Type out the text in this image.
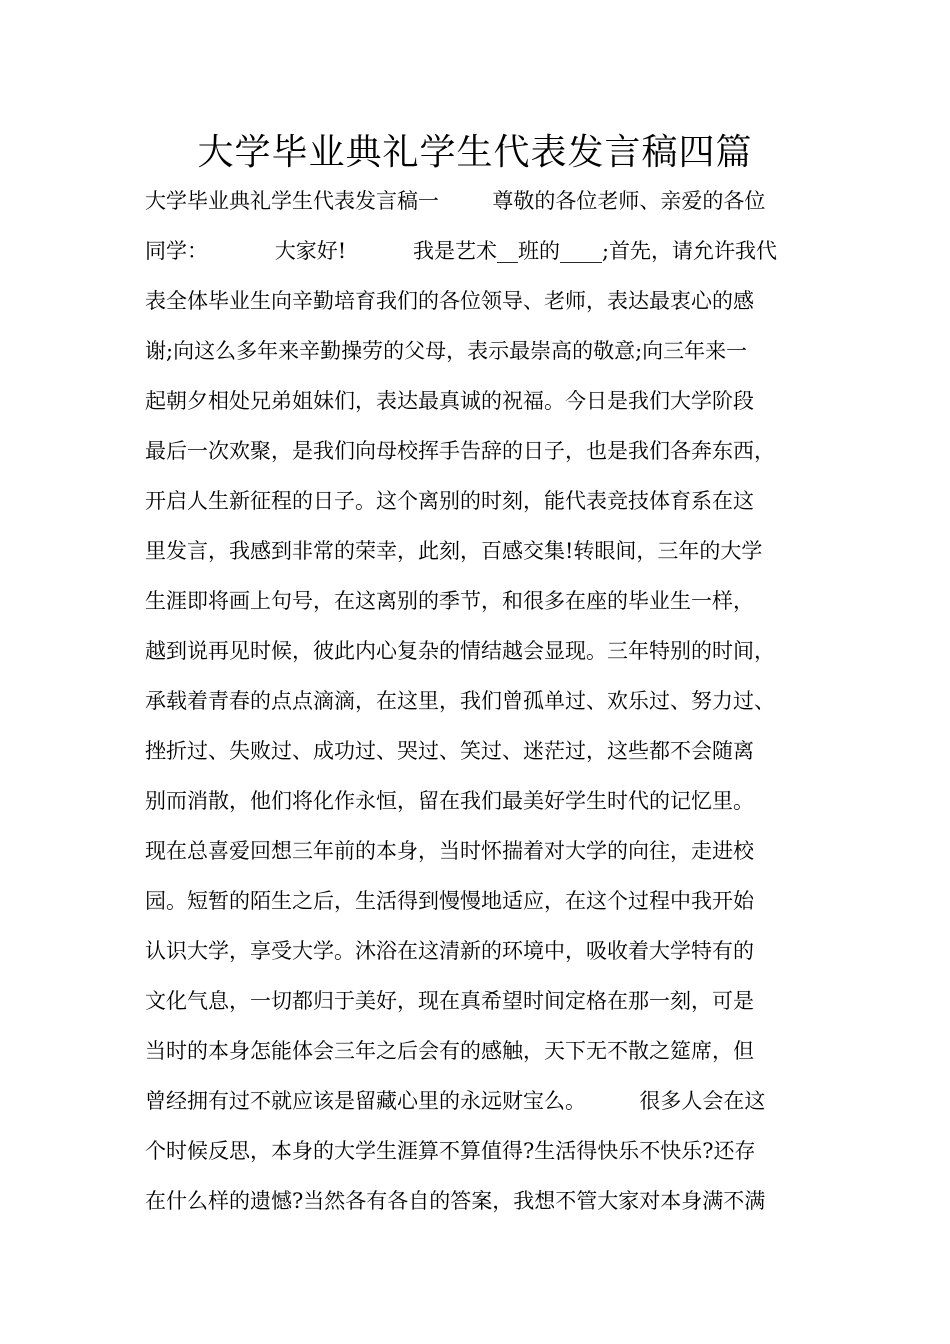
大学毕业典礼学生代表发言稿四篇
大学毕业典礼学生代表发言稿一        尊敬的各位老师、亲爱的各位
同学：          大家好!          我是艺术__班的____;首先，请允许我代
表全体毕业生向辛勤培育我们的各位领导、老师，表达最衷心的感
谢;向这么多年来辛勤操劳的父母，表示最崇高的敬意;向三年来一
起朝夕相处兄弟姐妹们，表达最真诚的祝福。今日是我们大学阶段
最后一次欢聚，是我们向母校挥手告辞的日子，也是我们各奔东西，
开启人生新征程的日子。这个离别的时刻，能代表竞技体育系在这
里发言，我感到非常的荣幸，此刻，百感交集!转眼间，三年的大学
生涯即将画上句号，在这离别的季节，和很多在座的毕业生一样，
越到说再见时候，彼此内心复杂的情结越会显现。三年特别的时间，
承载着青春的点点滴滴，在这里，我们曾孤单过、欢乐过、努力过、
挫折过、失败过、成功过、哭过、笑过、迷茫过，这些都不会随离
别而消散，他们将化作永恒，留在我们最美好学生时代的记忆里。
现在总喜爱回想三年前的本身，当时怀揣着对大学的向往，走进校
园。短暂的陌生之后，生活得到慢慢地适应，在这个过程中我开始
认识大学，享受大学。沐浴在这清新的环境中，吸收着大学特有的
文化气息，一切都归于美好，现在真希望时间定格在那一刻，可是
当时的本身怎能体会三年之后会有的感触，天下无不散之筵席，但
曾经拥有过不就应该是留藏心里的永远财宝么。        很多人会在这
个时候反思，本身的大学生涯算不算值得?生活得快乐不快乐?还存
在什么样的遗憾?当然各有各自的答案，我想不管大家对本身满不满
